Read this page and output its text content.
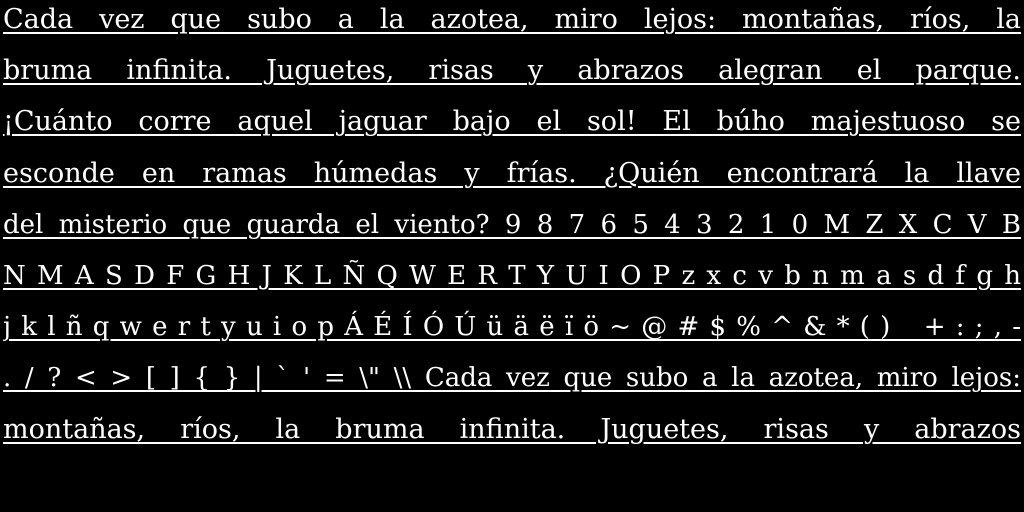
Cada vez que subo a la azotea, miro lejos: montañas, ríos, la
bruma infinita. Juguetes, risas y abrazos alegran el parque.
¡Cuánto corre aquel jaguar bajo el sol! El búho majestuoso se
esconde en ramas húmedas y frías. ¿Quién encontrará la llave
del misterio que guarda el viento? 9 8 7 6 5 4 3 2 1 0 M Z X C V B
N M A S D F G H J K L Ñ Q W E R T Y U I O P z x c v b n m a s d f g h
j k l ñ q w e r t y u i o p Á É Í Ó Ú ü ä ë ï ö ~ @ # $ % ^ & * ( ) _ + : ; , -
. / ? < > [ ] { } | ` ' = \" \\ Cada vez que subo a la azotea, miro lejos:
montañas, ríos, la bruma infinita. Juguetes, risas y abrazos
